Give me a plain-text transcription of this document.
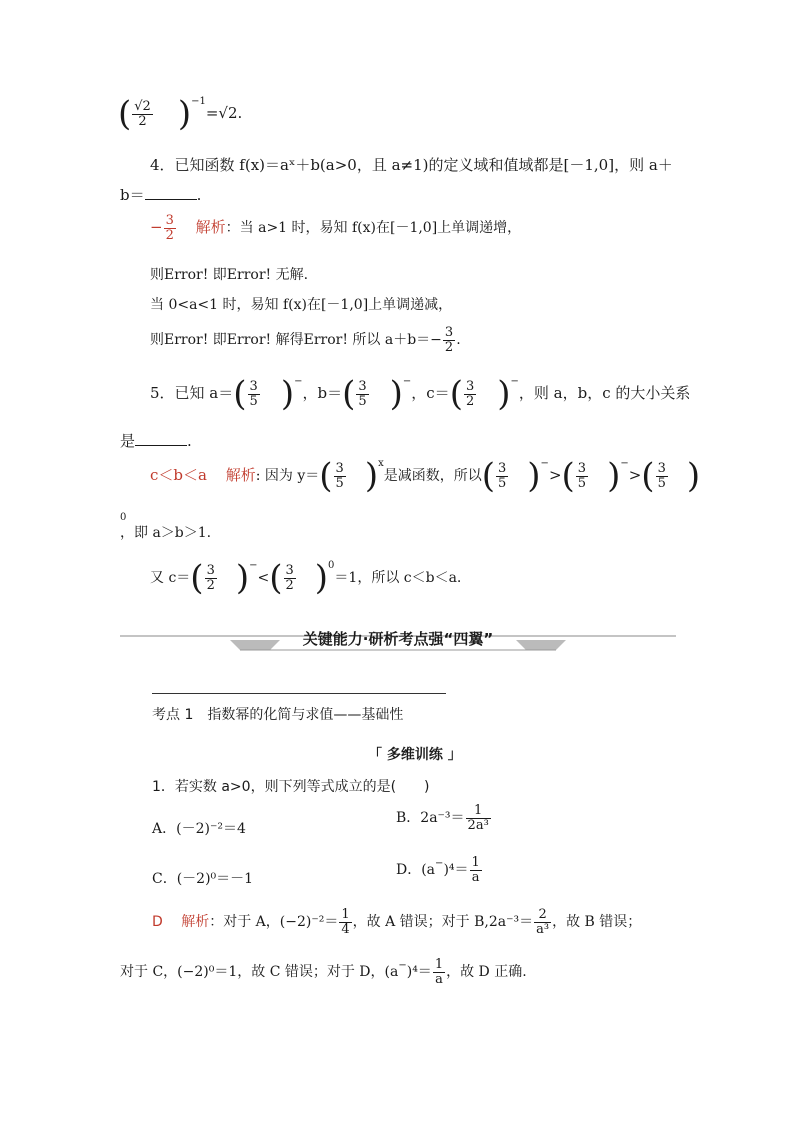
( $\frac{√2}{2} )^{-1}=√2$.
4．已知函数 f(x)＝aˣ＋b(a>0，且 a≠1)的定义域和值域都是[－1,0]，则 a＋
b＝	.
− $\frac{3}{2}$ 解析：当 a>1 时，易知 f(x)在[－1,0]上单调递增，
则Error! 即Error! 无解.
当 0<a<1 时，易知 f(x)在[－1,0]上单调递减，
则Error! 即Error! 解得Error! 所以 $a+b=- \frac{3}{2}$ .
5．已知 $a=( \frac{3}{5} )^-$，$b=( \frac{3}{5} )^-$，$c=( \frac{3}{2} )^-$，则 a，b，c 的大小关系
是	.
c＜b＜a 解析: 因为 $y=( \frac{3}{5} )^x$是减函数，所以( $\frac{3}{5} )^->( \frac{3}{5} )^->( \frac{3}{5}$ )
0
，即 a＞b＞1.
又 $c=( \frac{3}{2} )^-<( \frac{3}{2} )^0=1$，所以 c＜b＜a.
关键能力·研析考点强“四翼”
考点 1　指数幂的化简与求值——基础性
「 多维训练 」
1．若实数 a>0，则下列等式成立的是(　　)
A．(－2)⁻²＝4
B．$2a^{-3}= \frac{1}{\text{2a³}}$
C．(－2)⁰＝－1
D．$(a^-)^4= \frac{1}{a}$
D 解析：对于 A，$(-2)^{-2}= \frac{1}{4}$ ，故 A 错误；对于 $B,2a^{-3}= \frac{2}{\text{a³}}$ ，故 B 错误；
对于 C，(−2)⁰＝1，故 C 错误；对于 D，$(a^-)^4= \frac{1}{a}$ ，故 D 正确.
